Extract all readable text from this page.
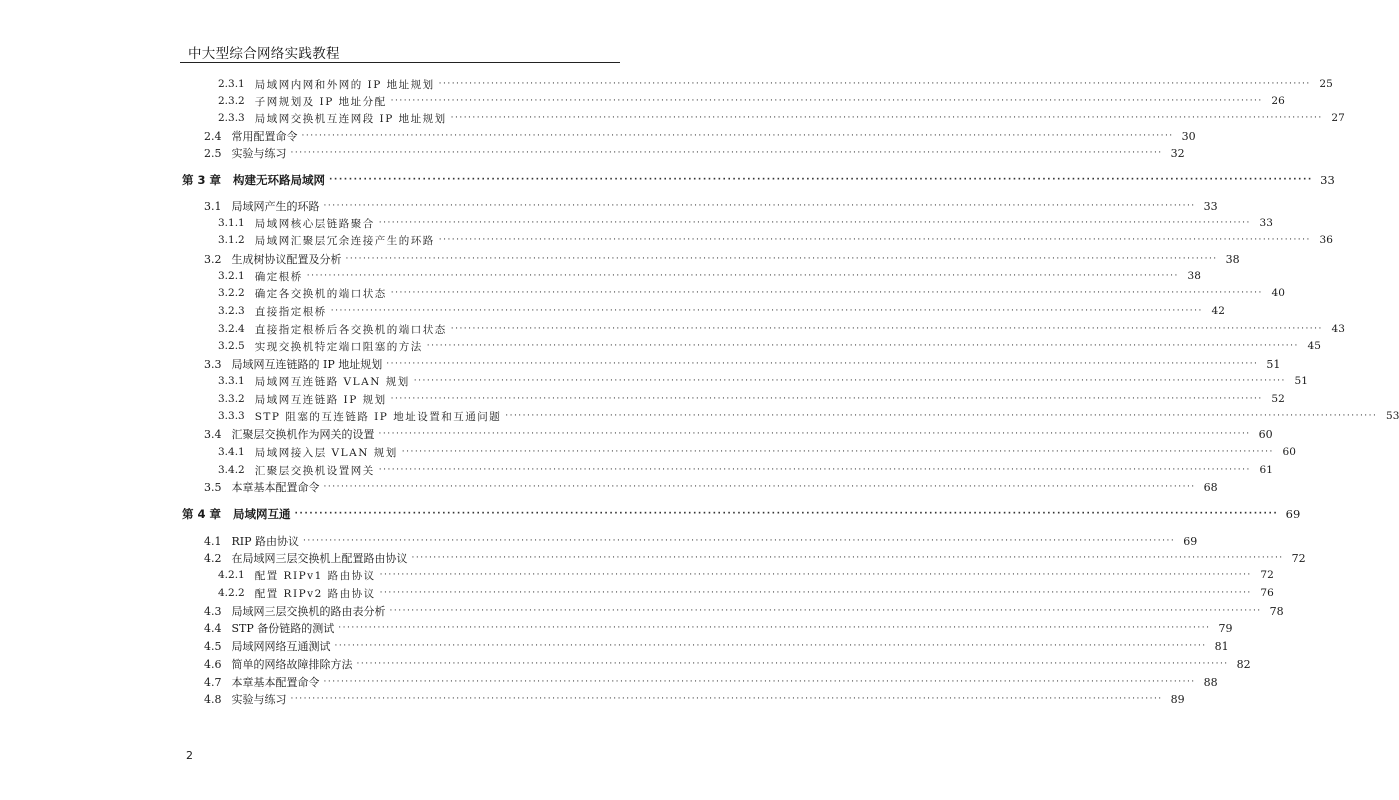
中大型综合网络实践教程
2.3.1 局域网内网和外网的 IP 地址规划 ········································································································································································································ 25
2.3.2 子网规划及 IP 地址分配 ········································································································································································································ 26
2.3.3 局域网交换机互连网段 IP 地址规划 ········································································································································································································ 27
2.4 常用配置命令 ········································································································································································································ 30
2.5 实验与练习 ········································································································································································································ 32
第 3 章 构建无环路局域网 ········································································································································································································ 33
3.1 局域网产生的环路 ········································································································································································································ 33
3.1.1 局域网核心层链路聚合 ········································································································································································································ 33
3.1.2 局域网汇聚层冗余连接产生的环路 ········································································································································································································ 36
3.2 生成树协议配置及分析 ········································································································································································································ 38
3.2.1 确定根桥 ········································································································································································································ 38
3.2.2 确定各交换机的端口状态 ········································································································································································································ 40
3.2.3 直接指定根桥 ········································································································································································································ 42
3.2.4 直接指定根桥后各交换机的端口状态 ········································································································································································································ 43
3.2.5 实现交换机特定端口阻塞的方法 ········································································································································································································ 45
3.3 局域网互连链路的 IP 地址规划 ········································································································································································································ 51
3.3.1 局域网互连链路 VLAN 规划 ········································································································································································································ 51
3.3.2 局域网互连链路 IP 规划 ········································································································································································································ 52
3.3.3 STP 阻塞的互连链路 IP 地址设置和互通问题 ········································································································································································································ 53
3.4 汇聚层交换机作为网关的设置 ········································································································································································································ 60
3.4.1 局域网接入层 VLAN 规划 ········································································································································································································ 60
3.4.2 汇聚层交换机设置网关 ········································································································································································································ 61
3.5 本章基本配置命令 ········································································································································································································ 68
第 4 章 局域网互通 ········································································································································································································ 69
4.1 RIP 路由协议 ········································································································································································································ 69
4.2 在局域网三层交换机上配置路由协议 ········································································································································································································ 72
4.2.1 配置 RIPv1 路由协议 ········································································································································································································ 72
4.2.2 配置 RIPv2 路由协议 ········································································································································································································ 76
4.3 局域网三层交换机的路由表分析 ········································································································································································································ 78
4.4 STP 备份链路的测试 ········································································································································································································ 79
4.5 局域网网络互通测试 ········································································································································································································ 81
4.6 简单的网络故障排除方法 ········································································································································································································ 82
4.7 本章基本配置命令 ········································································································································································································ 88
4.8 实验与练习 ········································································································································································································ 89
2
